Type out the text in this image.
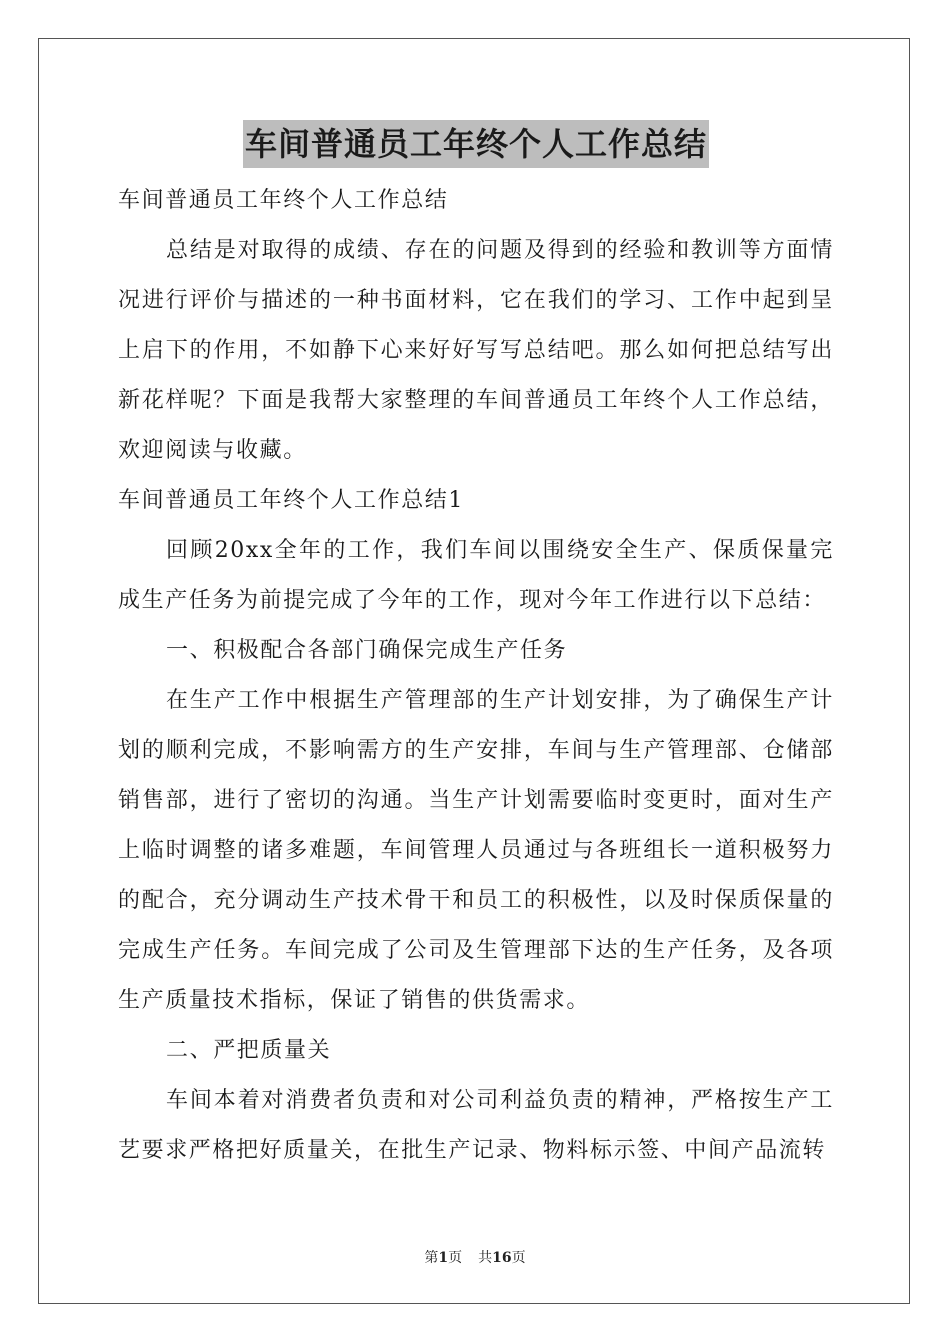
车间普通员工年终个人工作总结

车间普通员工年终个人工作总结

总结是对取得的成绩、存在的问题及得到的经验和教训等方面情况进行评价与描述的一种书面材料，它在我们的学习、工作中起到呈上启下的作用，不如静下心来好好写写总结吧。那么如何把总结写出新花样呢？下面是我帮大家整理的车间普通员工年终个人工作总结，欢迎阅读与收藏。

车间普通员工年终个人工作总结1

回顾20xx全年的工作，我们车间以围绕安全生产、保质保量完成生产任务为前提完成了今年的工作，现对今年工作进行以下总结：

一、积极配合各部门确保完成生产任务

在生产工作中根据生产管理部的生产计划安排，为了确保生产计划的顺利完成，不影响需方的生产安排，车间与生产管理部、仓储部销售部，进行了密切的沟通。当生产计划需要临时变更时，面对生产上临时调整的诸多难题，车间管理人员通过与各班组长一道积极努力的配合，充分调动生产技术骨干和员工的积极性，以及时保质保量的完成生产任务。车间完成了公司及生管理部下达的生产任务，及各项生产质量技术指标，保证了销售的供货需求。

二、严把质量关

车间本着对消费者负责和对公司利益负责的精神，严格按生产工艺要求严格把好质量关，在批生产记录、物料标示签、中间产品流转

第1页 共16页
